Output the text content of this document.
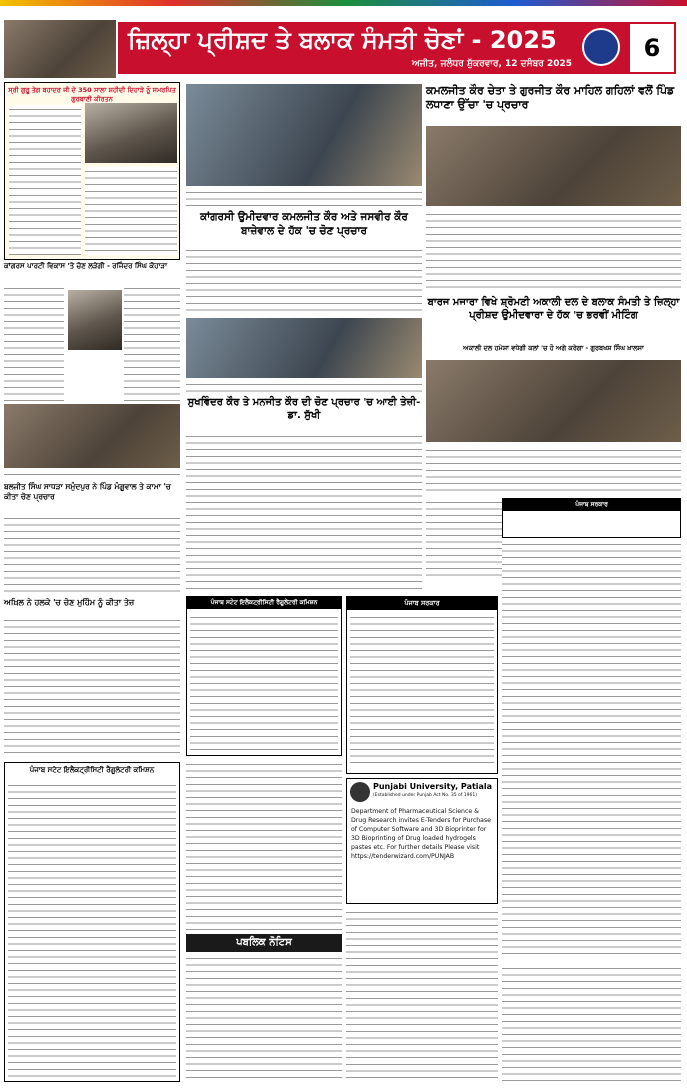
ਜ਼ਿਲ੍ਹਾ ਪ੍ਰੀਸ਼ਦ ਤੇ ਬਲਾਕ ਸੰਮਤੀ ਚੋਣਾਂ - 2025
ਅਜੀਤ, ਜਲੰਧਰ ਸ਼ੁੱਕਰਵਾਰ, 12 ਦਸੰਬਰ 2025
6
ਸ੍ਰੀ ਗੁਰੂ ਤੇਗ ਬਹਾਦਰ ਜੀ ਦੇ 350 ਸਾਲਾ ਸ਼ਹੀਦੀ ਦਿਹਾੜੇ ਨੂੰ ਸਮਰਪਿਤ ਗੁਰਬਾਣੀ ਕੀਰਤਨ
ਕਮਲਜੀਤ ਕੌਰ ਚੇਤਾ ਤੇ ਗੁਰਜੀਤ ਕੌਰ ਮਾਹਿਲ ਗਹਿਲਾਂ ਵਲੋਂ ਪਿੰਡ ਲਧਾਣਾ ਉੱਚਾ 'ਚ ਪ੍ਰਚਾਰ
ਕਾਂਗਰਸੀ ਉਮੀਦਵਾਰ ਕਮਲਜੀਤ ਕੌਰ ਅਤੇ ਜਸਵੀਰ ਕੌਰ ਬਾਜ਼ੇਵਾਲ ਦੇ ਹੱਕ 'ਚ ਚੋਣ ਪ੍ਰਚਾਰ
ਕਾਂਗਰਸ ਪਾਰਟੀ ਵਿਕਾਸ 'ਤੇ ਚੋਣ ਲੜੇਗੀ - ਰਜਿੰਦਰ ਸਿੰਘ ਕੋਹਾੜਾ
ਬਾਰਜ ਮਜਾਰਾ ਵਿਖੇ ਸ਼੍ਰੋਮਣੀ ਅਕਾਲੀ ਦਲ ਦੇ ਬਲਾਕ ਸੰਮਤੀ ਤੇ ਜ਼ਿਲ੍ਹਾ ਪ੍ਰੀਸ਼ਦ ਉਮੀਦਵਾਰਾ ਦੇ ਹੱਕ 'ਚ ਭਰਵੀਂ ਮੀਟਿੰਗ
ਅਕਾਲੀ ਦਲ ਹਮੇਸ਼ਾ ਵਧੇਗੀ ਕਲਾਂ 'ਚ ਹੋ ਅਗੇ ਕਰੇਗਾ - ਗੁਰਬਖਸ਼ ਸਿੰਘ ਖ਼ਾਲਸਾ
ਬਲਜੀਤ ਸਿੰਘ ਸਾਧੜਾ ਸਮੁੰਦਪੁਰ ਨੇ ਪਿੰਡ ਮੰਗੂਵਾਲ ਤੇ ਕਾਮਾ 'ਚ ਕੀਤਾ ਚੋਣ ਪ੍ਰਚਾਰ
ਸੁਖਵਿੰਦਰ ਕੌਰ ਤੇ ਮਨਜੀਤ ਕੌਰ ਦੀ ਚੋਣ ਪ੍ਰਚਾਰ 'ਚ ਆਈ ਤੇਜ਼ੀ-ਡਾ. ਸੁੱਖੀ
ਪੰਜਾਬ ਸਰਕਾਰ
ਅਖ਼ਿਲ ਨੇ ਹਲਕੇ 'ਚ ਚੋਣ ਮੁਹਿੰਮ ਨੂੰ ਕੀਤਾ ਤੇਜ਼	ਪੰਜਾਬ ਸਟੇਟ ਇਲੈਕਟ੍ਰੀਸਿਟੀ ਰੈਗੂਲੇਟਰੀ ਕਮਿਸ਼ਨ	ਪੰਜਾਬ ਸਰਕਾਰ
ਪੰਜਾਬ ਸਟੇਟ ਇਲੈਕਟ੍ਰੀਸਿਟੀ ਰੈਗੂਲੇਟਰੀ ਕਮਿਸ਼ਨ
ਪਬਲਿਕ ਨੋਟਿਸ
Punjabi University, Patiala
(Established under Punjab Act No. 35 of 1961)
Department of Pharmaceutical Science & Drug Research invites E-Tenders for Purchase of Computer Software and 3D Bioprinter for 3D Bioprinting of Drug loaded hydrogels pastes etc. For further details Please visit https://tenderwizard.com/PUNJAB
